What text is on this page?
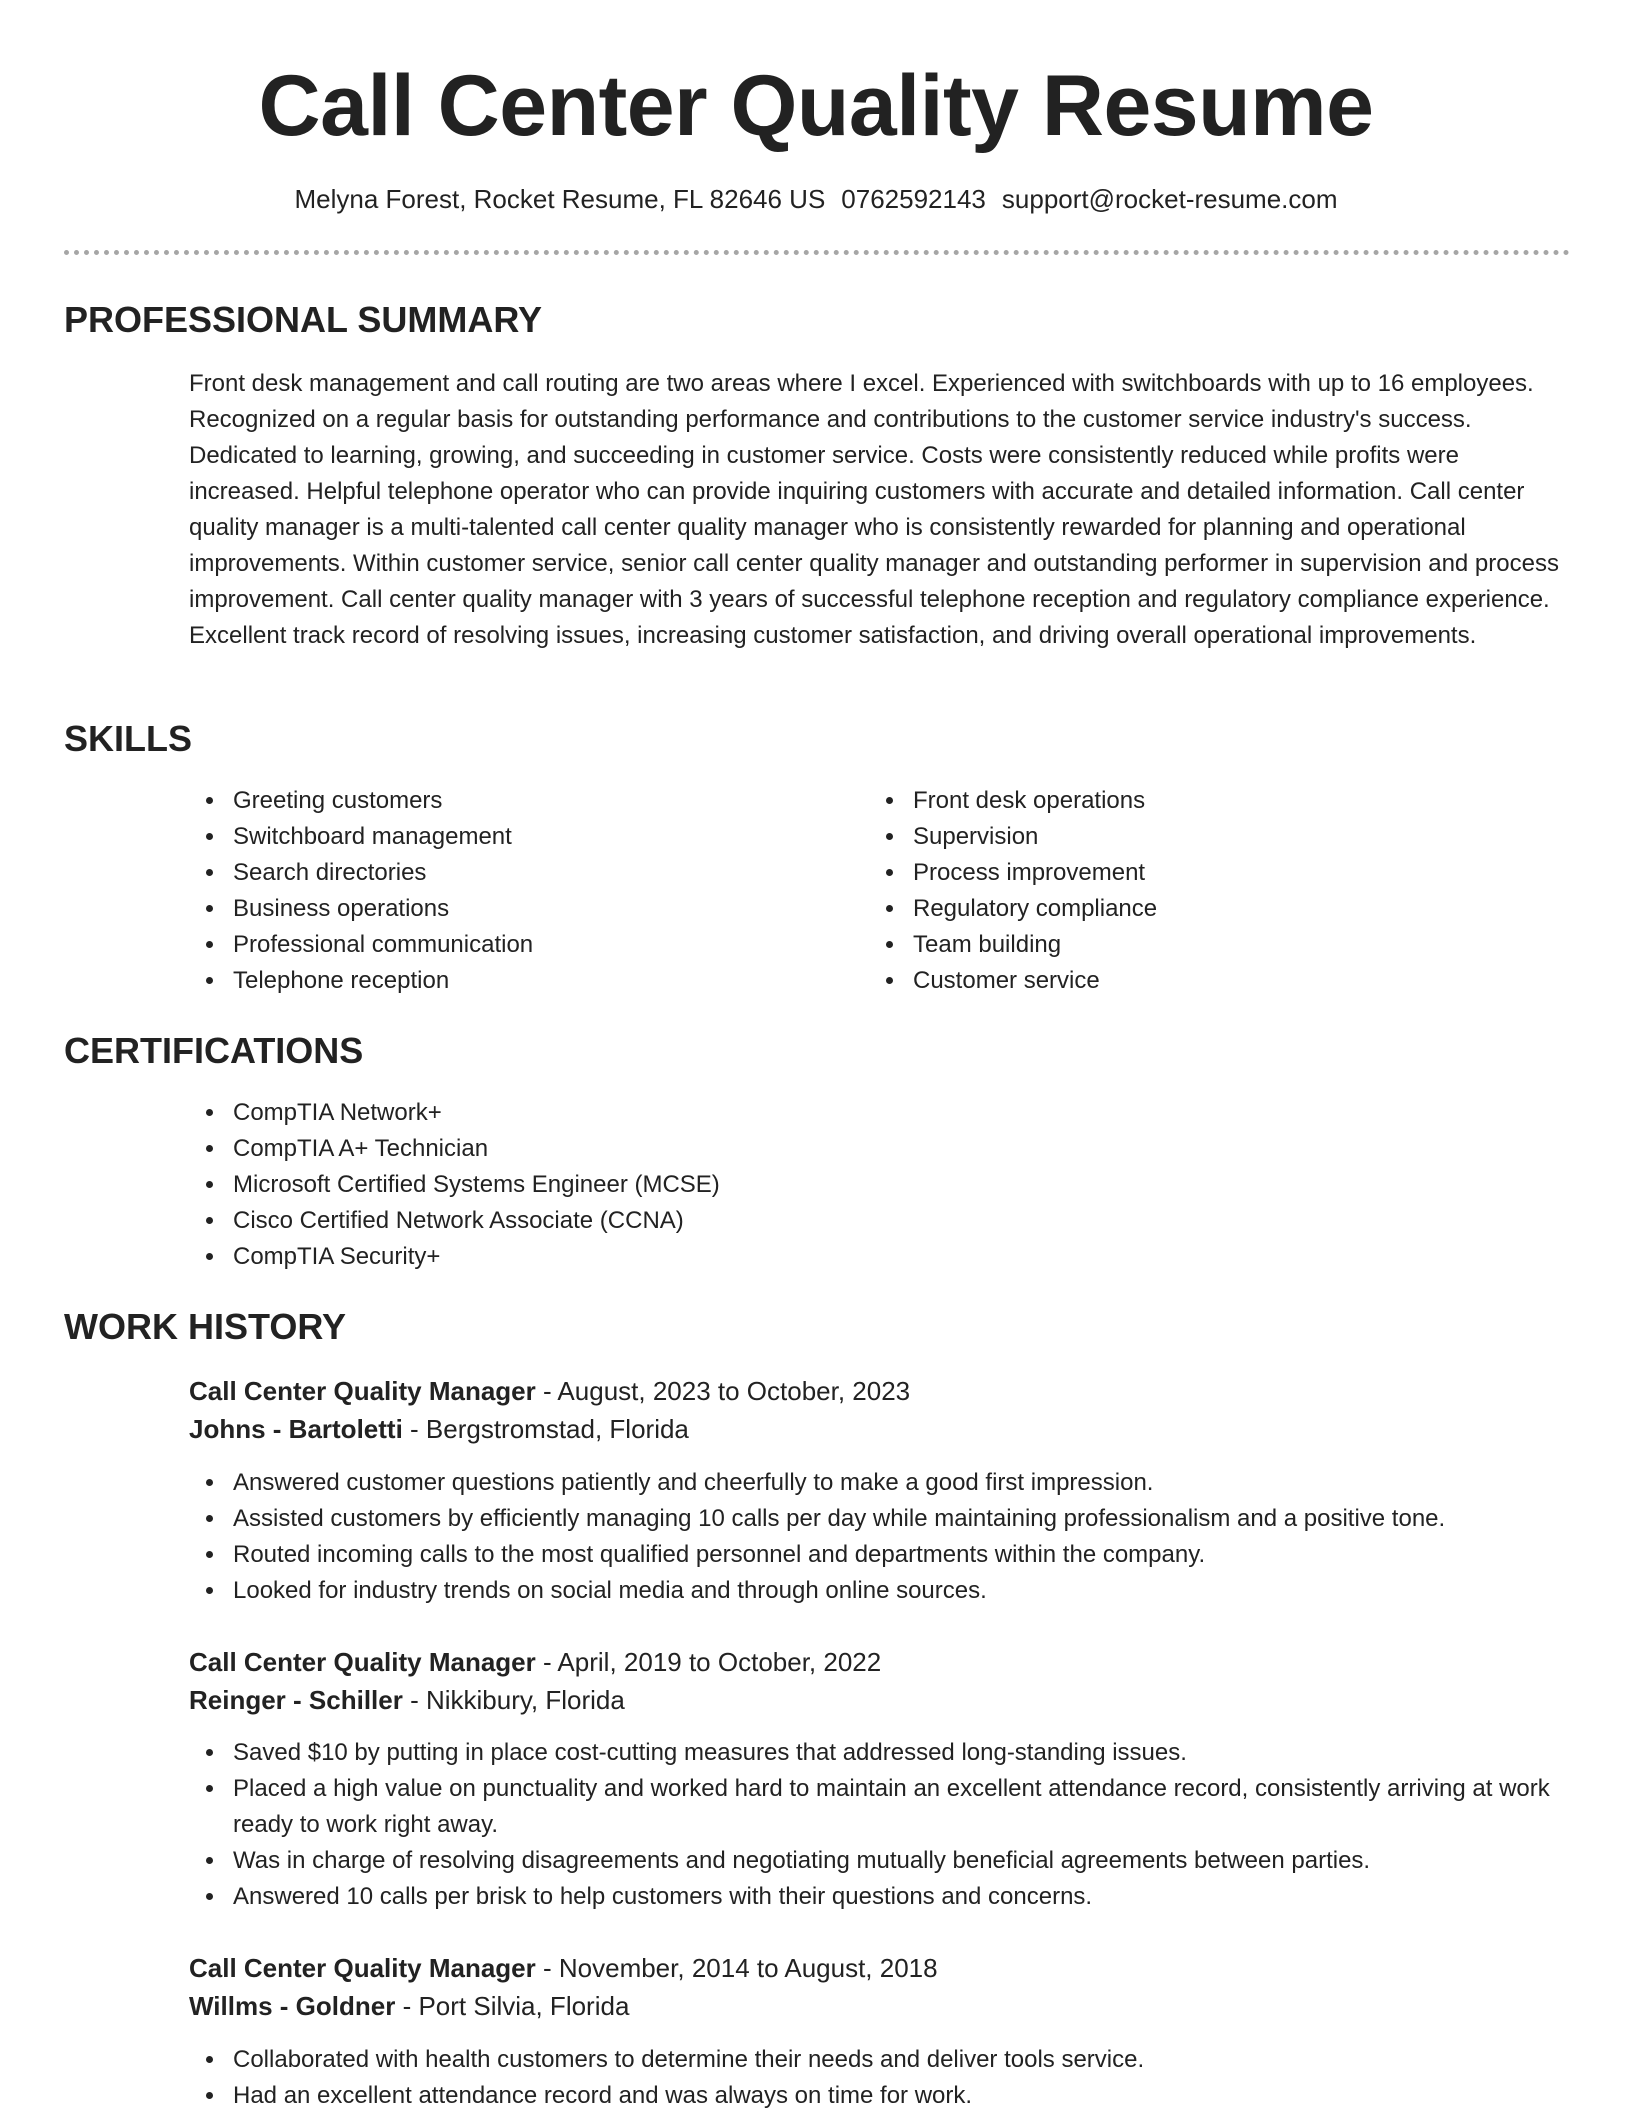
Call Center Quality Resume
Melyna Forest, Rocket Resume, FL 82646 US 0762592143 support@rocket-resume.com
PROFESSIONAL SUMMARY

Front desk management and call routing are two areas where I excel. Experienced with switchboards with up to 16 employees. Recognized on a regular basis for outstanding performance and contributions to the customer service industry's success. Dedicated to learning, growing, and succeeding in customer service. Costs were consistently reduced while profits were increased. Helpful telephone operator who can provide inquiring customers with accurate and detailed information. Call center quality manager is a multi-talented call center quality manager who is consistently rewarded for planning and operational improvements. Within customer service, senior call center quality manager and outstanding performer in supervision and process improvement. Call center quality manager with 3 years of successful telephone reception and regulatory compliance experience. Excellent track record of resolving issues, increasing customer satisfaction, and driving overall operational improvements.

SKILLS
Greeting customers
Switchboard management
Search directories
Business operations
Professional communication
Telephone reception
Front desk operations
Supervision
Process improvement
Regulatory compliance
Team building
Customer service
CERTIFICATIONS
CompTIA Network+
CompTIA A+ Technician
Microsoft Certified Systems Engineer (MCSE)
Cisco Certified Network Associate (CCNA)
CompTIA Security+
WORK HISTORY
Call Center Quality Manager - August, 2023 to October, 2023
Johns - Bartoletti - Bergstromstad, Florida
Answered customer questions patiently and cheerfully to make a good first impression.
Assisted customers by efficiently managing 10 calls per day while maintaining professionalism and a positive tone.
Routed incoming calls to the most qualified personnel and departments within the company.
Looked for industry trends on social media and through online sources.
Call Center Quality Manager - April, 2019 to October, 2022
Reinger - Schiller - Nikkibury, Florida
Saved $10 by putting in place cost-cutting measures that addressed long-standing issues.
Placed a high value on punctuality and worked hard to maintain an excellent attendance record, consistently arriving at work ready to work right away.
Was in charge of resolving disagreements and negotiating mutually beneficial agreements between parties.
Answered 10 calls per brisk to help customers with their questions and concerns.
Call Center Quality Manager - November, 2014 to August, 2018
Willms - Goldner - Port Silvia, Florida
Collaborated with health customers to determine their needs and deliver tools service.
Had an excellent attendance record and was always on time for work.
